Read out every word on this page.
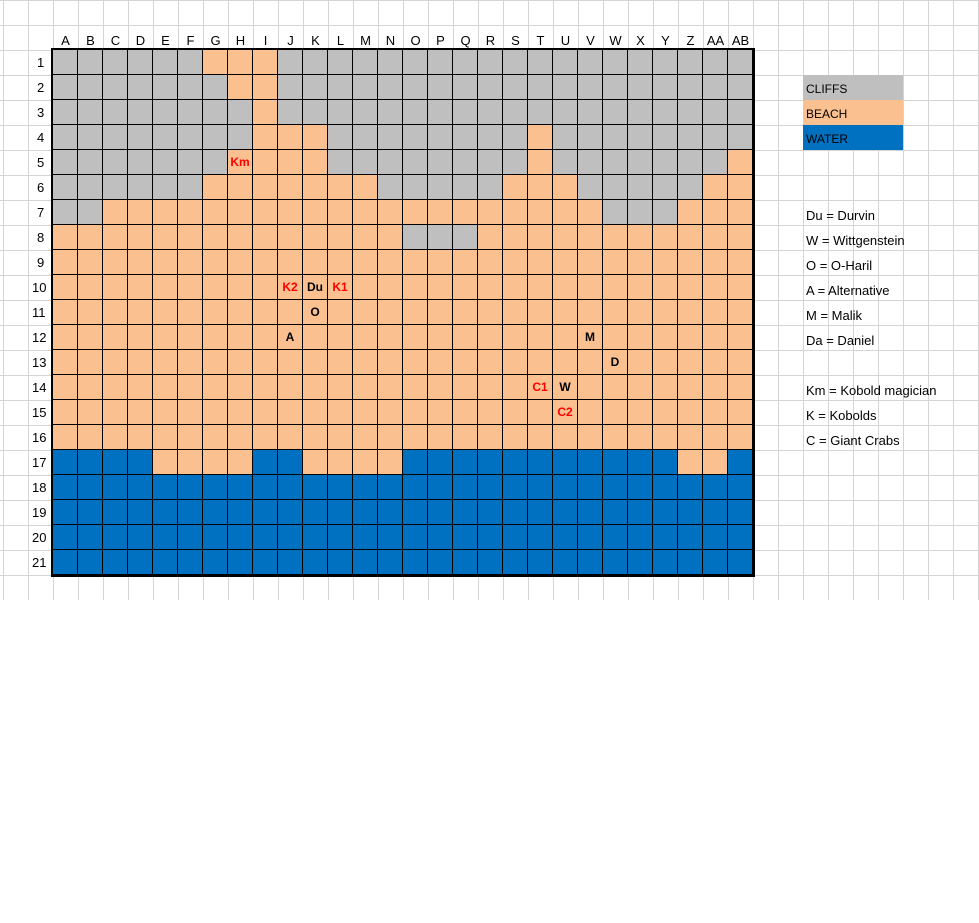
Km
K2 Du K1
O
A	M
D
C1 W
C2
A	B	C	D	E	F	G	H	I	J	K	L	M	N	O	P	Q	R	S	T	U	V	W	X	Y	Z AA AB
1
2
3
4
5
6
7
8
9
10
11
12
13
14
15
16
17
18
19
20
21
CLIFFS
BEACH
WATER
Du = Durvin
W = Wittgenstein
O = O-Haril
A = Alternative
M = Malik
Da = Daniel
Km = Kobold magician
K = Kobolds
C = Giant Crabs
